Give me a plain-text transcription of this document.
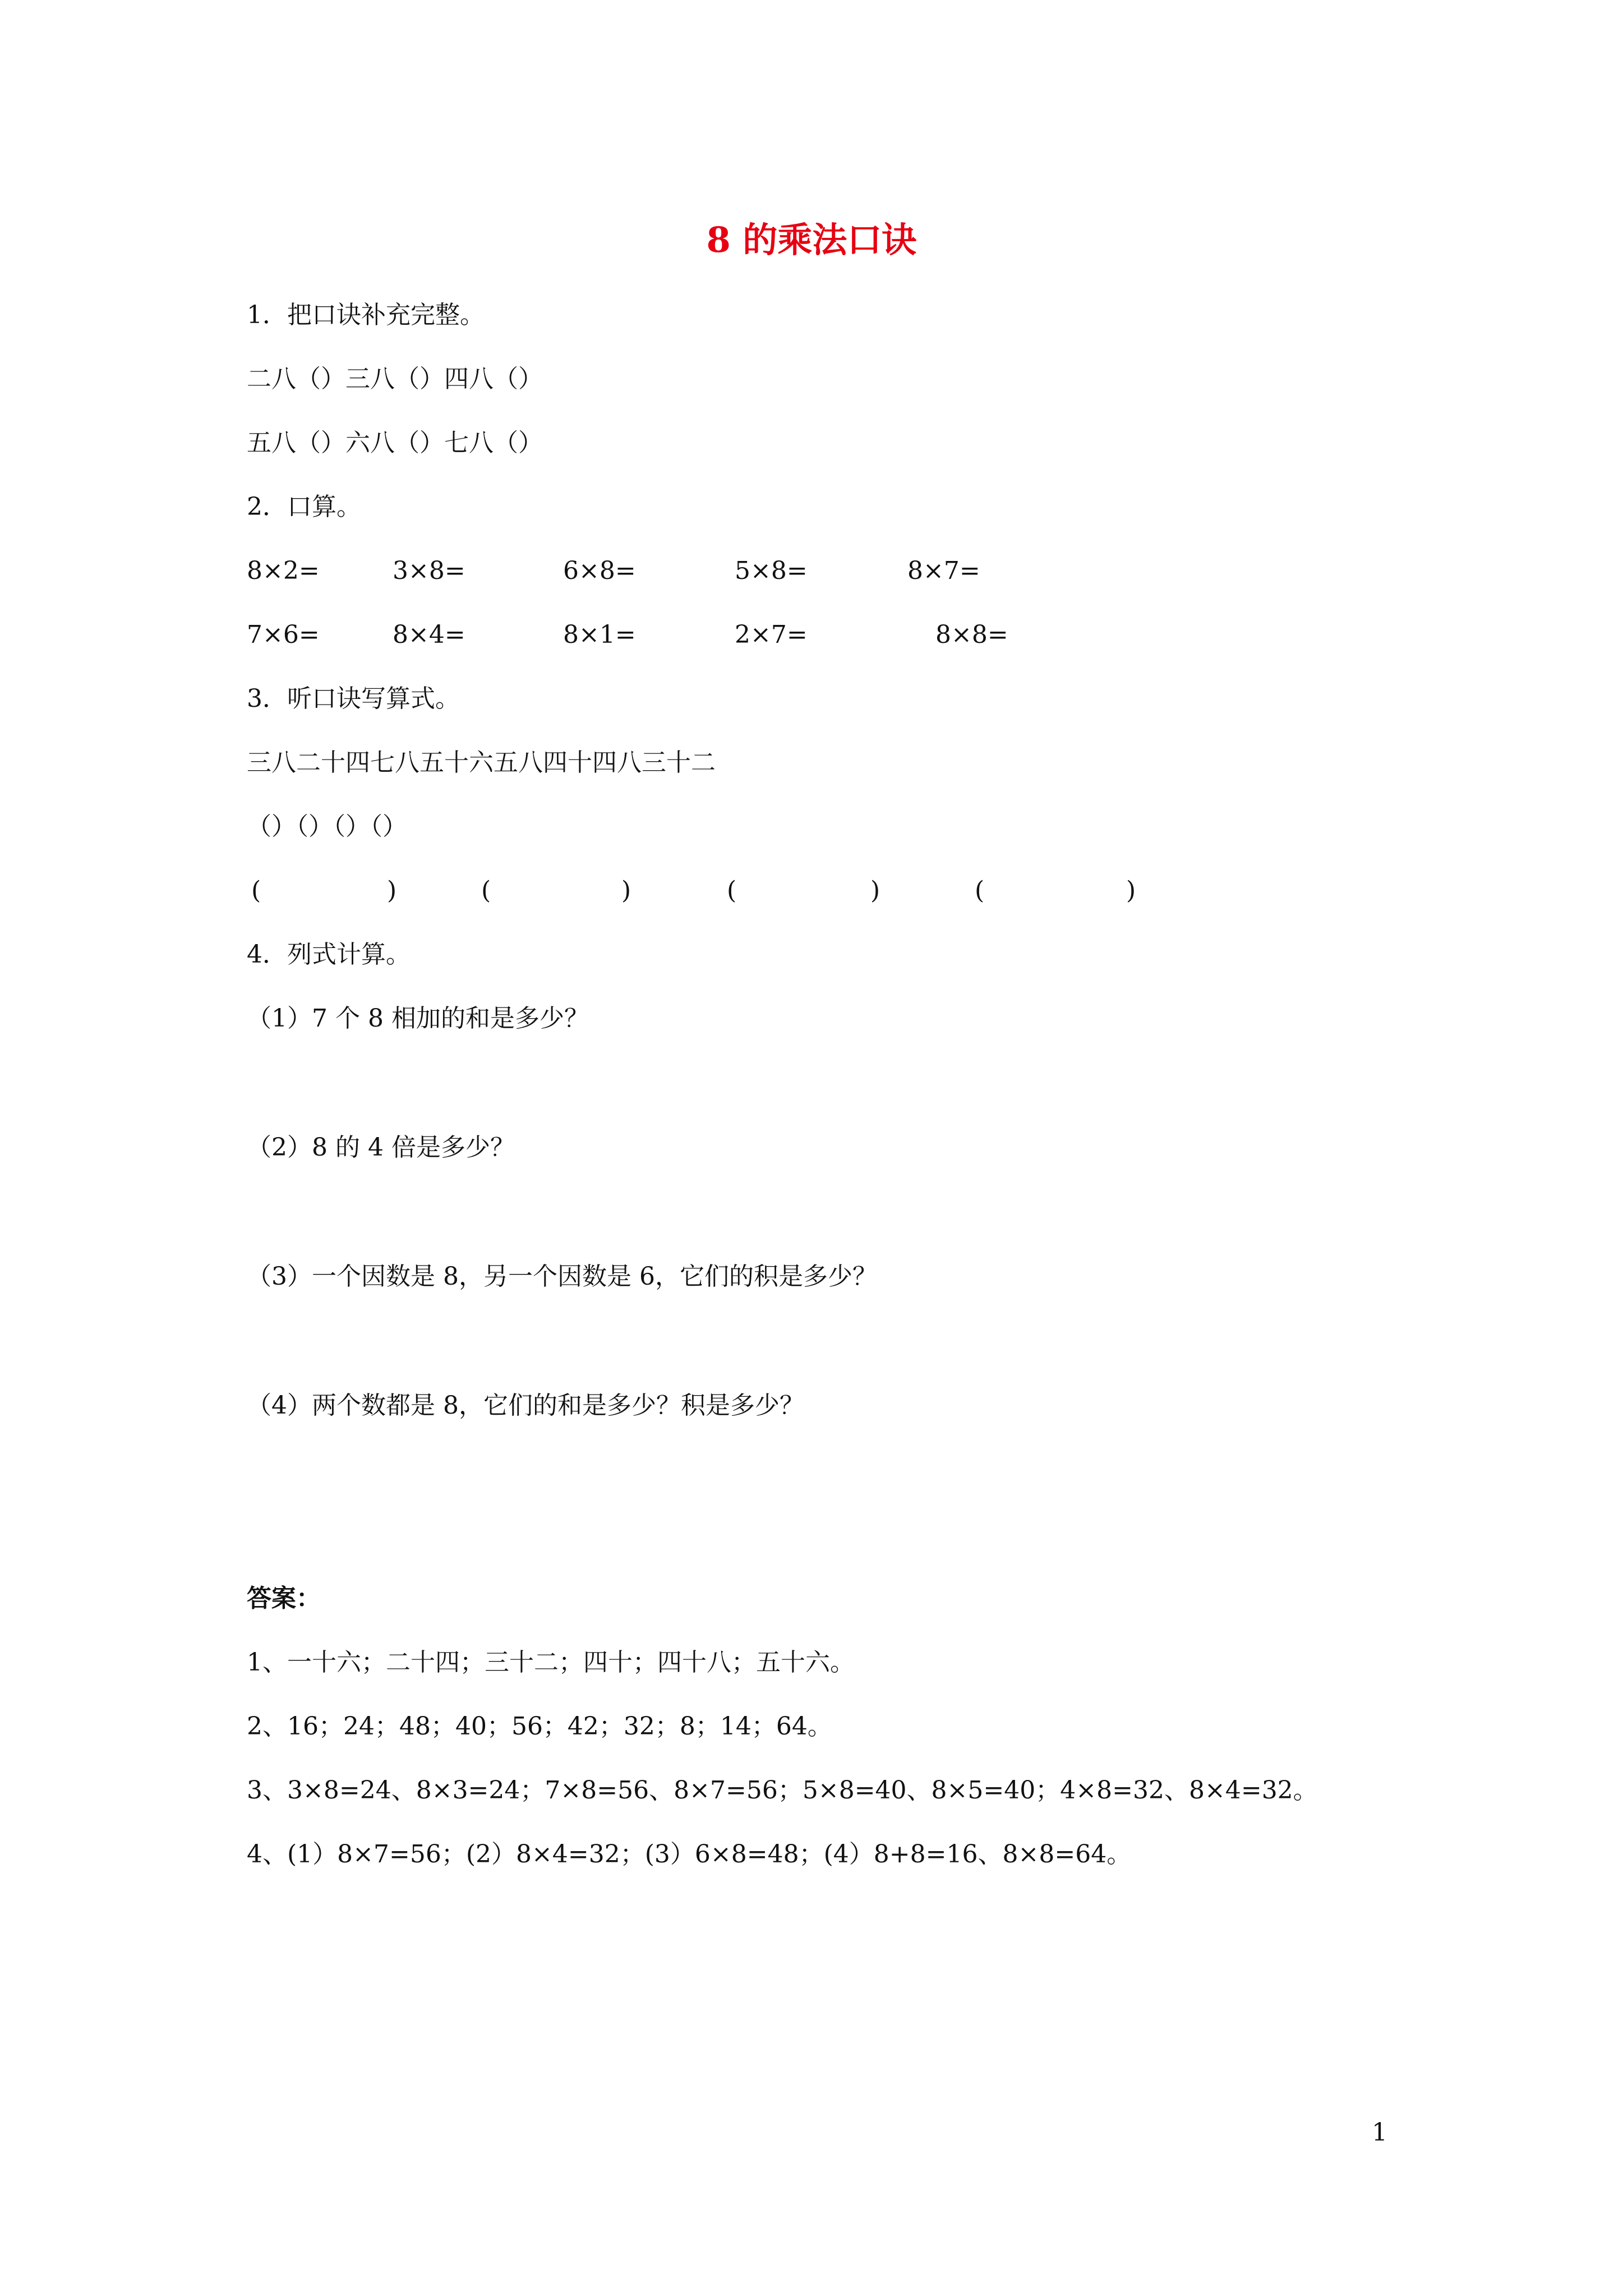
8 的乘法口诀

1．把口诀补充完整。

二八（）三八（）四八（）

五八（）六八（）七八（）

2．口算。

8×2=	3×8=	6×8=	5×8=	8×7=
7×6=	8×4=	8×1=	2×7=	8×8=

3．听口诀写算式。

三八二十四七八五十六五八四十四八三十二

（）（）（）（）

(	)	(	)	(	)	(	)

4．列式计算。

（1）7 个 8 相加的和是多少？

（2）8 的 4 倍是多少？

（3）一个因数是 8，另一个因数是 6，它们的积是多少？

（4）两个数都是 8，它们的和是多少？积是多少？

答案：

1、一十六；二十四；三十二；四十；四十八；五十六。

2、16；24；48；40；56；42；32；8；14；64。

3、3×8=24、8×3=24；7×8=56、8×7=56；5×8=40、8×5=40；4×8=32、8×4=32。

4、(1）8×7=56；(2）8×4=32；(3）6×8=48；(4）8+8=16、8×8=64。

1
